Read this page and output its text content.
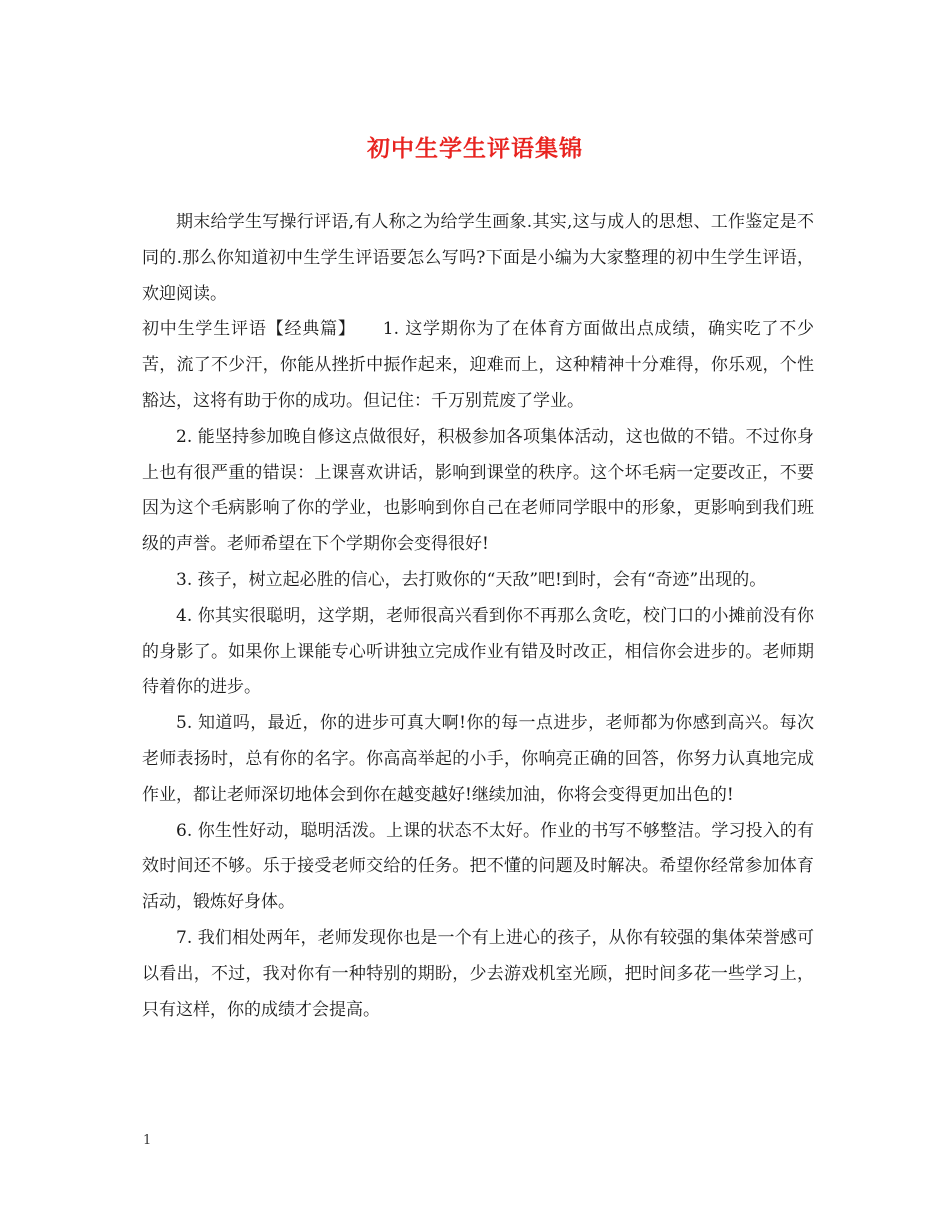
初中生学生评语集锦

期末给学生写操行评语,有人称之为给学生画象.其实,这与成人的思想、工作鉴定是不同的.那么你知道初中生学生评语要怎么写吗?下面是小编为大家整理的初中生学生评语，欢迎阅读。

初中生学生评语【经典篇】　　1. 这学期你为了在体育方面做出点成绩，确实吃了不少苦，流了不少汗，你能从挫折中振作起来，迎难而上，这种精神十分难得，你乐观，个性豁达，这将有助于你的成功。但记住：千万别荒废了学业。

2. 能坚持参加晚自修这点做很好，积极参加各项集体活动，这也做的不错。不过你身上也有很严重的错误：上课喜欢讲话，影响到课堂的秩序。这个坏毛病一定要改正，不要因为这个毛病影响了你的学业，也影响到你自己在老师同学眼中的形象，更影响到我们班级的声誉。老师希望在下个学期你会变得很好!

3. 孩子，树立起必胜的信心，去打败你的“天敌”吧!到时，会有“奇迹”出现的。

4. 你其实很聪明，这学期，老师很高兴看到你不再那么贪吃，校门口的小摊前没有你的身影了。如果你上课能专心听讲独立完成作业有错及时改正，相信你会进步的。老师期待着你的进步。

5. 知道吗，最近，你的进步可真大啊!你的每一点进步，老师都为你感到高兴。每次老师表扬时，总有你的名字。你高高举起的小手，你响亮正确的回答，你努力认真地完成作业，都让老师深切地体会到你在越变越好!继续加油，你将会变得更加出色的!

6. 你生性好动，聪明活泼。上课的状态不太好。作业的书写不够整洁。学习投入的有效时间还不够。乐于接受老师交给的任务。把不懂的问题及时解决。希望你经常参加体育活动，锻炼好身体。

7. 我们相处两年，老师发现你也是一个有上进心的孩子，从你有较强的集体荣誉感可以看出，不过，我对你有一种特别的期盼，少去游戏机室光顾，把时间多花一些学习上，只有这样，你的成绩才会提高。

1
